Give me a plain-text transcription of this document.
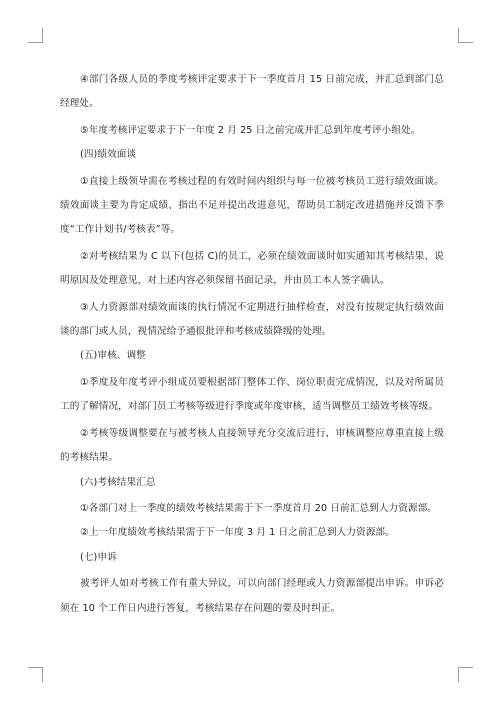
④部门各级人员的季度考核评定要求于下一季度首月 15 日前完成，并汇总到部门总经理处。

⑤年度考核评定要求于下一年度 2 月 25 日之前完成并汇总到年度考评小组处。

(四)绩效面谈

①直接上级领导需在考核过程的有效时间内组织与每一位被考核员工进行绩效面谈。绩效面谈主要为肯定成绩、指出不足并提出改进意见，帮助员工制定改进措施并反馈下季度“工作计划书/考核表”等。

②对考核结果为 C 以下(包括 C)的员工，必须在绩效面谈时如实通知其考核结果、说明原因及处理意见，对上述内容必须保留书面记录，并由员工本人签字确认。

③人力资源部对绩效面谈的执行情况不定期进行抽样检查，对没有按规定执行绩效面谈的部门或人员，视情况给予通报批评和考核成绩降级的处理。

(五)审核、调整

①季度及年度考评小组成员要根据部门整体工作、岗位职责完成情况，以及对所属员工的了解情况，对部门员工考核等级进行季度或年度审核，适当调整员工绩效考核等级。

②考核等级调整要在与被考核人直接领导充分交流后进行，审核调整应尊重直接上级的考核结果。

(六)考核结果汇总

①各部门对上一季度的绩效考核结果需于下一季度首月 20 日前汇总到人力资源部。

②上一年度绩效考核结果需于下一年度 3 月 1 日之前汇总到人力资源部。

(七)申诉

被考评人如对考核工作有重大异议，可以向部门经理或人力资源部提出申诉。申诉必须在 10 个工作日内进行答复，考核结果存在问题的要及时纠正。
